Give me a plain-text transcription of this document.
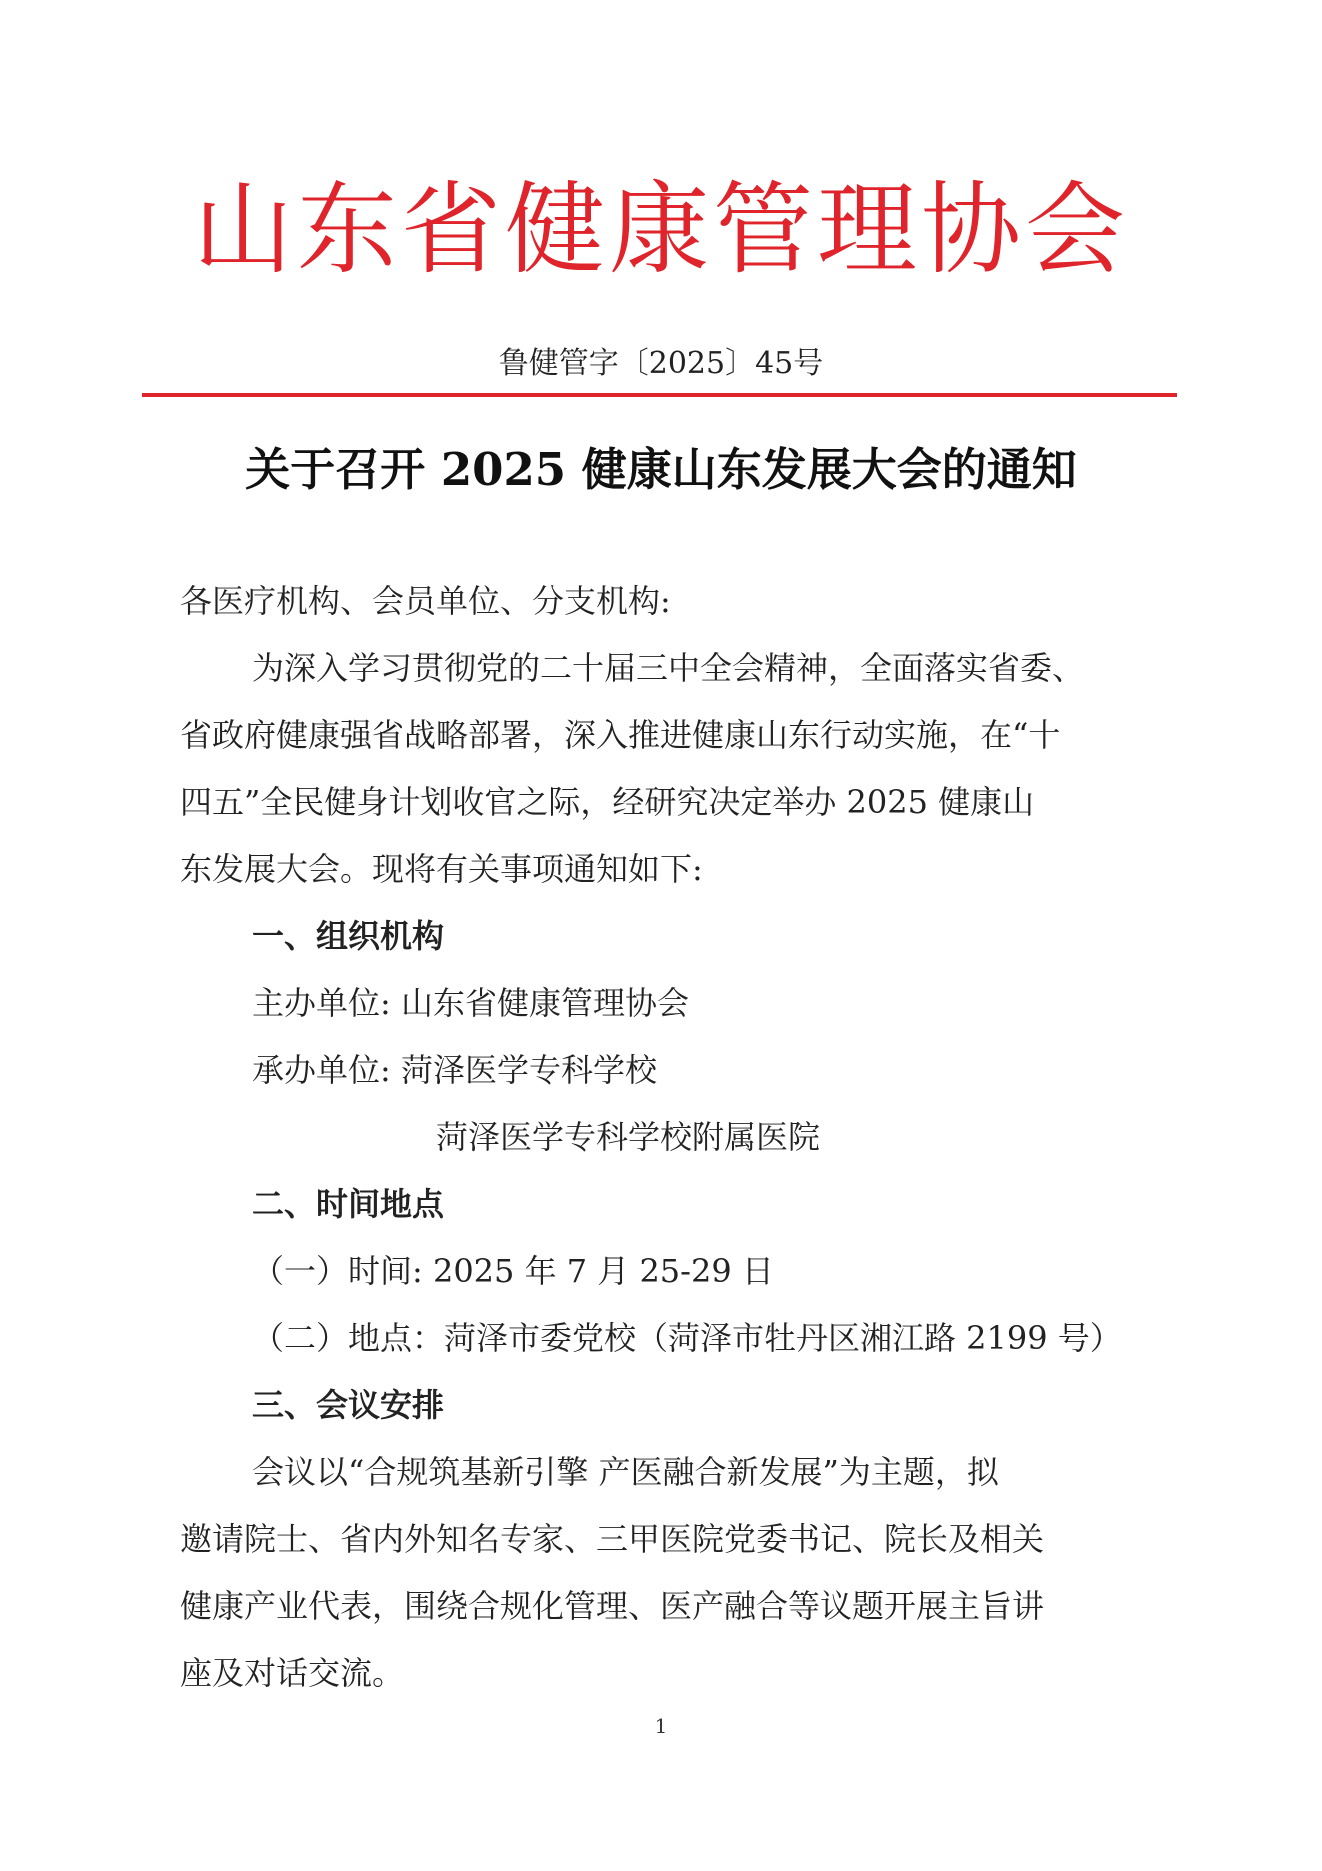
山东省健康管理协会
鲁健管字〔2025〕45号
关于召开 2025 健康山东发展大会的通知
各医疗机构、会员单位、分支机构:
为深入学习贯彻党的二十届三中全会精神，全面落实省委、
省政府健康强省战略部署，深入推进健康山东行动实施，在“十
四五”全民健身计划收官之际，经研究决定举办 2025 健康山
东发展大会。现将有关事项通知如下:
一、组织机构
主办单位: 山东省健康管理协会
承办单位: 菏泽医学专科学校
菏泽医学专科学校附属医院
二、时间地点
（一）时间: 2025 年 7 月 25-29 日
（二）地点：菏泽市委党校（菏泽市牡丹区湘江路 2199 号）
三、会议安排
会议以“合规筑基新引擎 产医融合新发展”为主题，拟
邀请院士、省内外知名专家、三甲医院党委书记、院长及相关
健康产业代表，围绕合规化管理、医产融合等议题开展主旨讲
座及对话交流。
1
